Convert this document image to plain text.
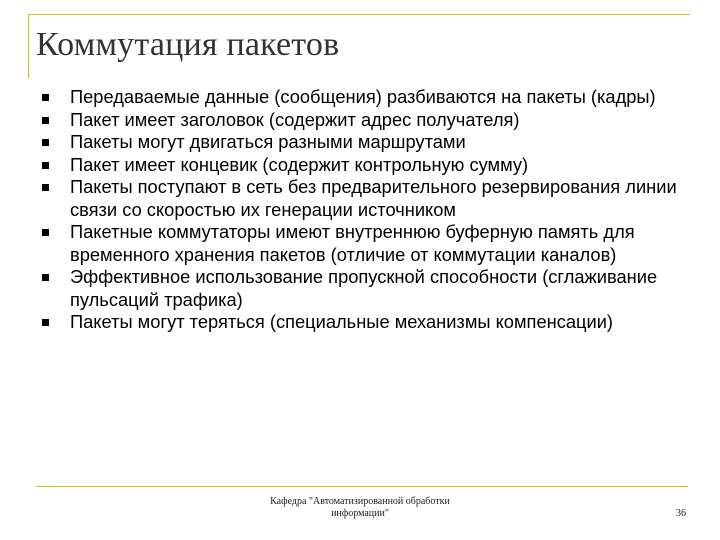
Коммутация пакетов
Передаваемые данные (сообщения) разбиваются на пакеты (кадры)
Пакет имеет заголовок (содержит адрес получателя)
Пакеты могут двигаться разными маршрутами
Пакет имеет концевик (содержит контрольную сумму)
Пакеты поступают в сеть без предварительного резервирования линии связи со скоростью их генерации источником
Пакетные коммутаторы имеют внутреннюю буферную память для временного хранения пакетов (отличие от коммутации каналов)
Эффективное использование пропускной способности (сглаживание пульсаций трафика)
Пакеты могут теряться (специальные механизмы компенсации)
Кафедра "Автоматизированной обработки информации"	36
